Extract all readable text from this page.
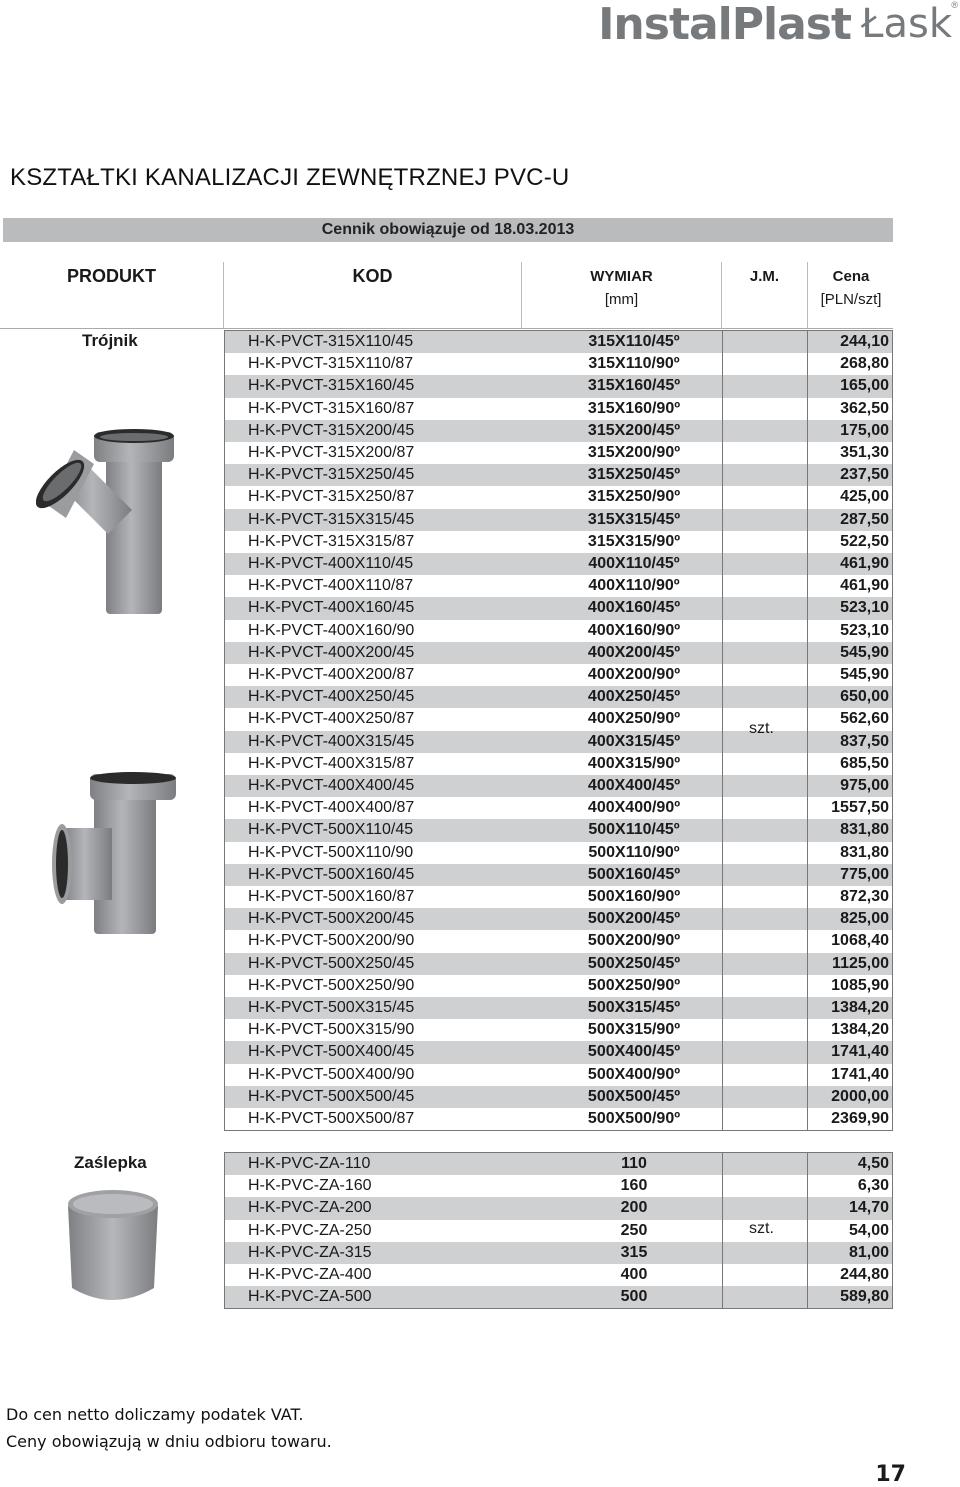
InstalPlast Łask ®
KSZTAŁTKI KANALIZACJI ZEWNĘTRZNEJ PVC-U
Cennik obowiązuje od 18.03.2013
PRODUKT	KOD	WYMIAR
[mm]
J.M.	Cena
[PLN/szt]
Trójnik	H-K-PVCT-315X110/45	315X110/45º	244,10
H-K-PVCT-315X110/87	315X110/90º	268,80
H-K-PVCT-315X160/45	315X160/45º	165,00
H-K-PVCT-315X160/87	315X160/90º	362,50
H-K-PVCT-315X200/45	315X200/45º	175,00
H-K-PVCT-315X200/87	315X200/90º	351,30
H-K-PVCT-315X250/45	315X250/45º	237,50
H-K-PVCT-315X250/87	315X250/90º	425,00
H-K-PVCT-315X315/45	315X315/45º	287,50
H-K-PVCT-315X315/87	315X315/90º	522,50
H-K-PVCT-400X110/45	400X110/45º	461,90
H-K-PVCT-400X110/87	400X110/90º	461,90
H-K-PVCT-400X160/45	400X160/45º	523,10
H-K-PVCT-400X160/90	400X160/90º	523,10
H-K-PVCT-400X200/45	400X200/45º	545,90
H-K-PVCT-400X200/87	400X200/90º	545,90
H-K-PVCT-400X250/45	400X250/45º	650,00
H-K-PVCT-400X250/87	400X250/90º	562,60
H-K-PVCT-400X315/45	400X315/45º	837,50
H-K-PVCT-400X315/87	400X315/90º	685,50
H-K-PVCT-400X400/45	400X400/45º	975,00
H-K-PVCT-400X400/87	400X400/90º	1557,50
H-K-PVCT-500X110/45	500X110/45º	831,80
H-K-PVCT-500X110/90	500X110/90º	831,80
H-K-PVCT-500X160/45	500X160/45º	775,00
H-K-PVCT-500X160/87	500X160/90º	872,30
H-K-PVCT-500X200/45	500X200/45º	825,00
H-K-PVCT-500X200/90	500X200/90º	1068,40
H-K-PVCT-500X250/45	500X250/45º	1125,00
H-K-PVCT-500X250/90	500X250/90º	1085,90
H-K-PVCT-500X315/45	500X315/45º	1384,20
H-K-PVCT-500X315/90	500X315/90º	1384,20
H-K-PVCT-500X400/45	500X400/45º	1741,40
H-K-PVCT-500X400/90	500X400/90º	1741,40
H-K-PVCT-500X500/45	500X500/45º	2000,00
H-K-PVCT-500X500/87	500X500/90º	2369,90
szt.
Zaślepka	H-K-PVC-ZA-110	110	4,50
H-K-PVC-ZA-160	160	6,30
H-K-PVC-ZA-200	200	14,70
H-K-PVC-ZA-250	250	54,00
H-K-PVC-ZA-315	315	81,00
H-K-PVC-ZA-400	400	244,80
H-K-PVC-ZA-500	500	589,80
szt.
Do cen netto doliczamy podatek VAT.
Ceny obowiązują w dniu odbioru towaru.
17
